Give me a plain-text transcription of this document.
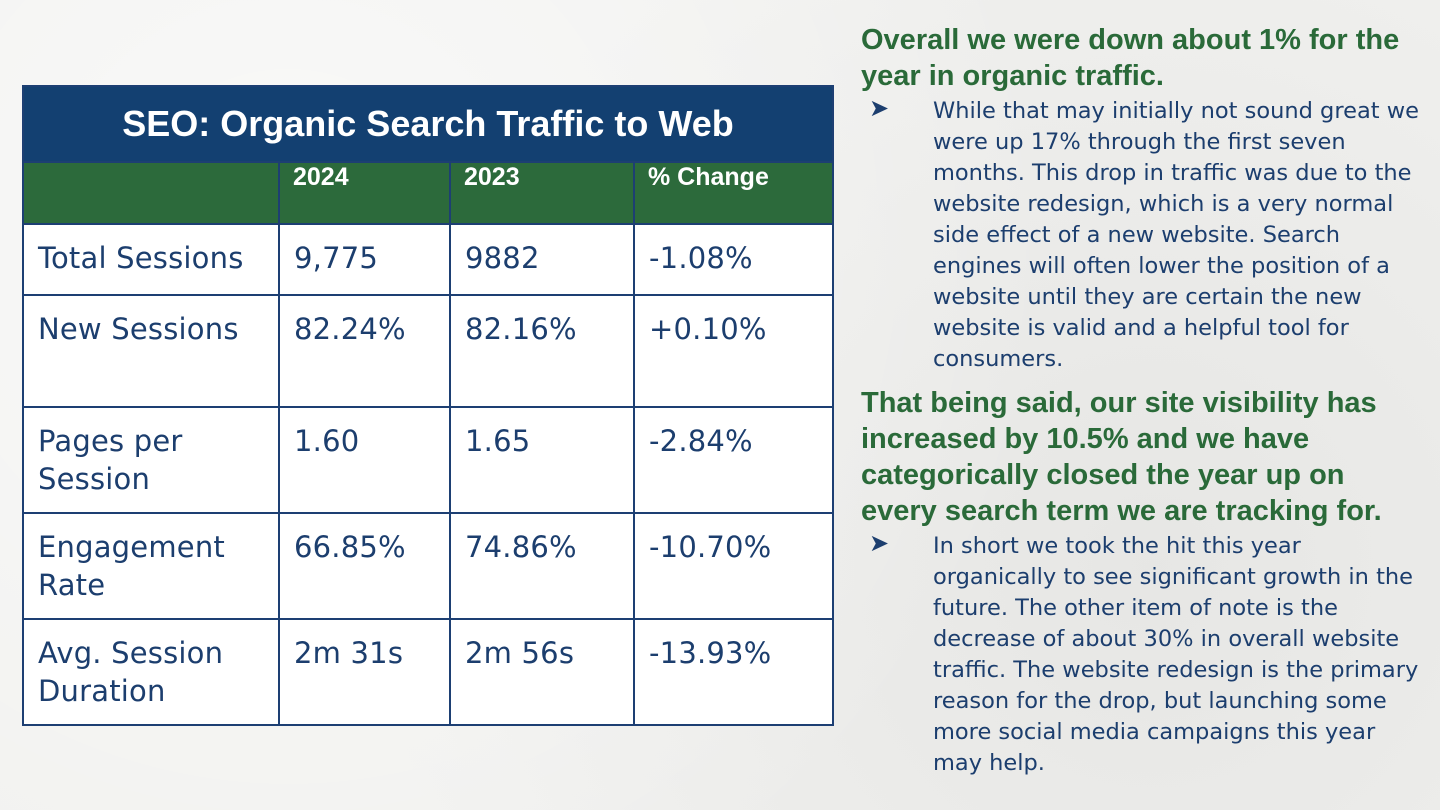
SEO: Organic Search Traffic to Web			
	2024	2023	% Change
Total Sessions	9,775	9882	-1.08%
New Sessions	82.24%	82.16%	+0.10%
Pages per Session	1.60	1.65	-2.84%
Engagement Rate	66.85%	74.86%	-10.70%
Avg. Session Duration	2m 31s	2m 56s	-13.93%

Overall we were down about 1% for the year in organic traffic.

➤ While that may initially not sound great we were up 17% through the first seven months. This drop in traffic was due to the website redesign, which is a very normal side effect of a new website. Search engines will often lower the position of a website until they are certain the new website is valid and a helpful tool for consumers.

That being said, our site visibility has increased by 10.5% and we have categorically closed the year up on every search term we are tracking for.

➤ In short we took the hit this year organically to see significant growth in the future. The other item of note is the decrease of about 30% in overall website traffic. The website redesign is the primary reason for the drop, but launching some more social media campaigns this year may help.
